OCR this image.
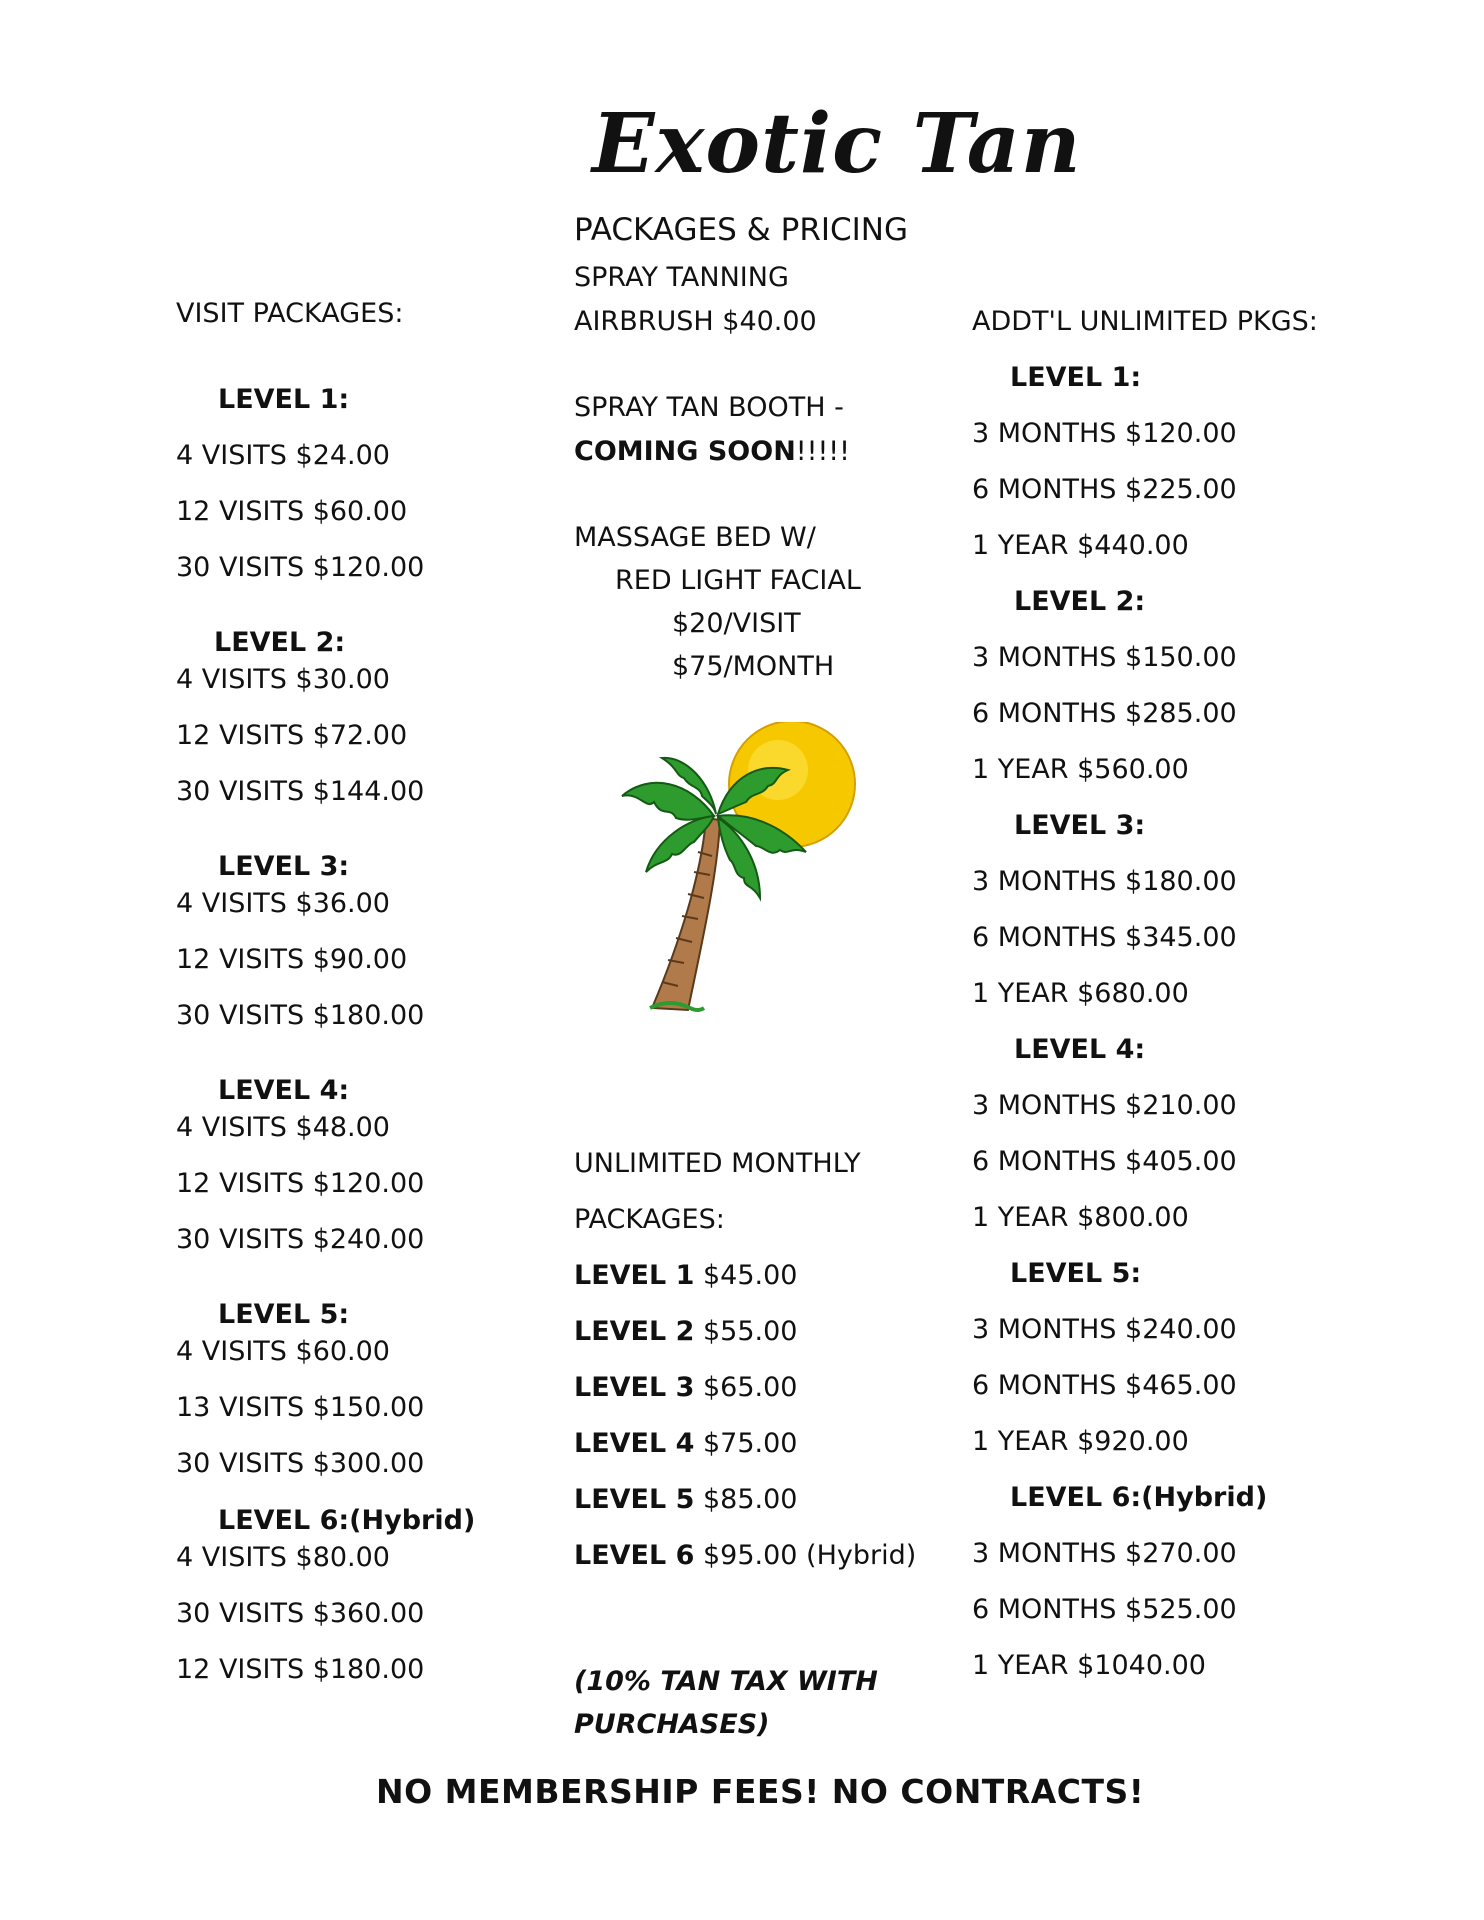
Exotic Tan
PACKAGES & PRICING
SPRAY TANNING
AIRBRUSH $40.00
SPRAY TAN BOOTH -
COMING SOON!!!!!
MASSAGE BED W/
RED LIGHT FACIAL
$20/VISIT
$75/MONTH
UNLIMITED MONTHLY
PACKAGES:
LEVEL 1 $45.00
LEVEL 2 $55.00
LEVEL 3 $65.00
LEVEL 4 $75.00
LEVEL 5 $85.00
LEVEL 6 $95.00 (Hybrid)
(10% TAN TAX WITH
PURCHASES)
VISIT PACKAGES:
LEVEL 1:
4 VISITS $24.00
12 VISITS $60.00
30 VISITS $120.00
LEVEL 2:
4 VISITS $30.00
12 VISITS $72.00
30 VISITS $144.00
LEVEL 3:
4 VISITS $36.00
12 VISITS $90.00
30 VISITS $180.00
LEVEL 4:
4 VISITS $48.00
12 VISITS $120.00
30 VISITS $240.00
LEVEL 5:
4 VISITS $60.00
13 VISITS $150.00
30 VISITS $300.00
LEVEL 6:(Hybrid)
4 VISITS $80.00
30 VISITS $360.00
12 VISITS $180.00
ADDT'L UNLIMITED PKGS:
LEVEL 1:
3 MONTHS $120.00
6 MONTHS $225.00
1 YEAR $440.00
LEVEL 2:
3 MONTHS $150.00
6 MONTHS $285.00
1 YEAR $560.00
LEVEL 3:
3 MONTHS $180.00
6 MONTHS $345.00
1 YEAR $680.00
LEVEL 4:
3 MONTHS $210.00
6 MONTHS $405.00
1 YEAR $800.00
LEVEL 5:
3 MONTHS $240.00
6 MONTHS $465.00
1 YEAR $920.00
LEVEL 6:(Hybrid)
3 MONTHS $270.00
6 MONTHS $525.00
1 YEAR $1040.00
NO MEMBERSHIP FEES! NO CONTRACTS!
